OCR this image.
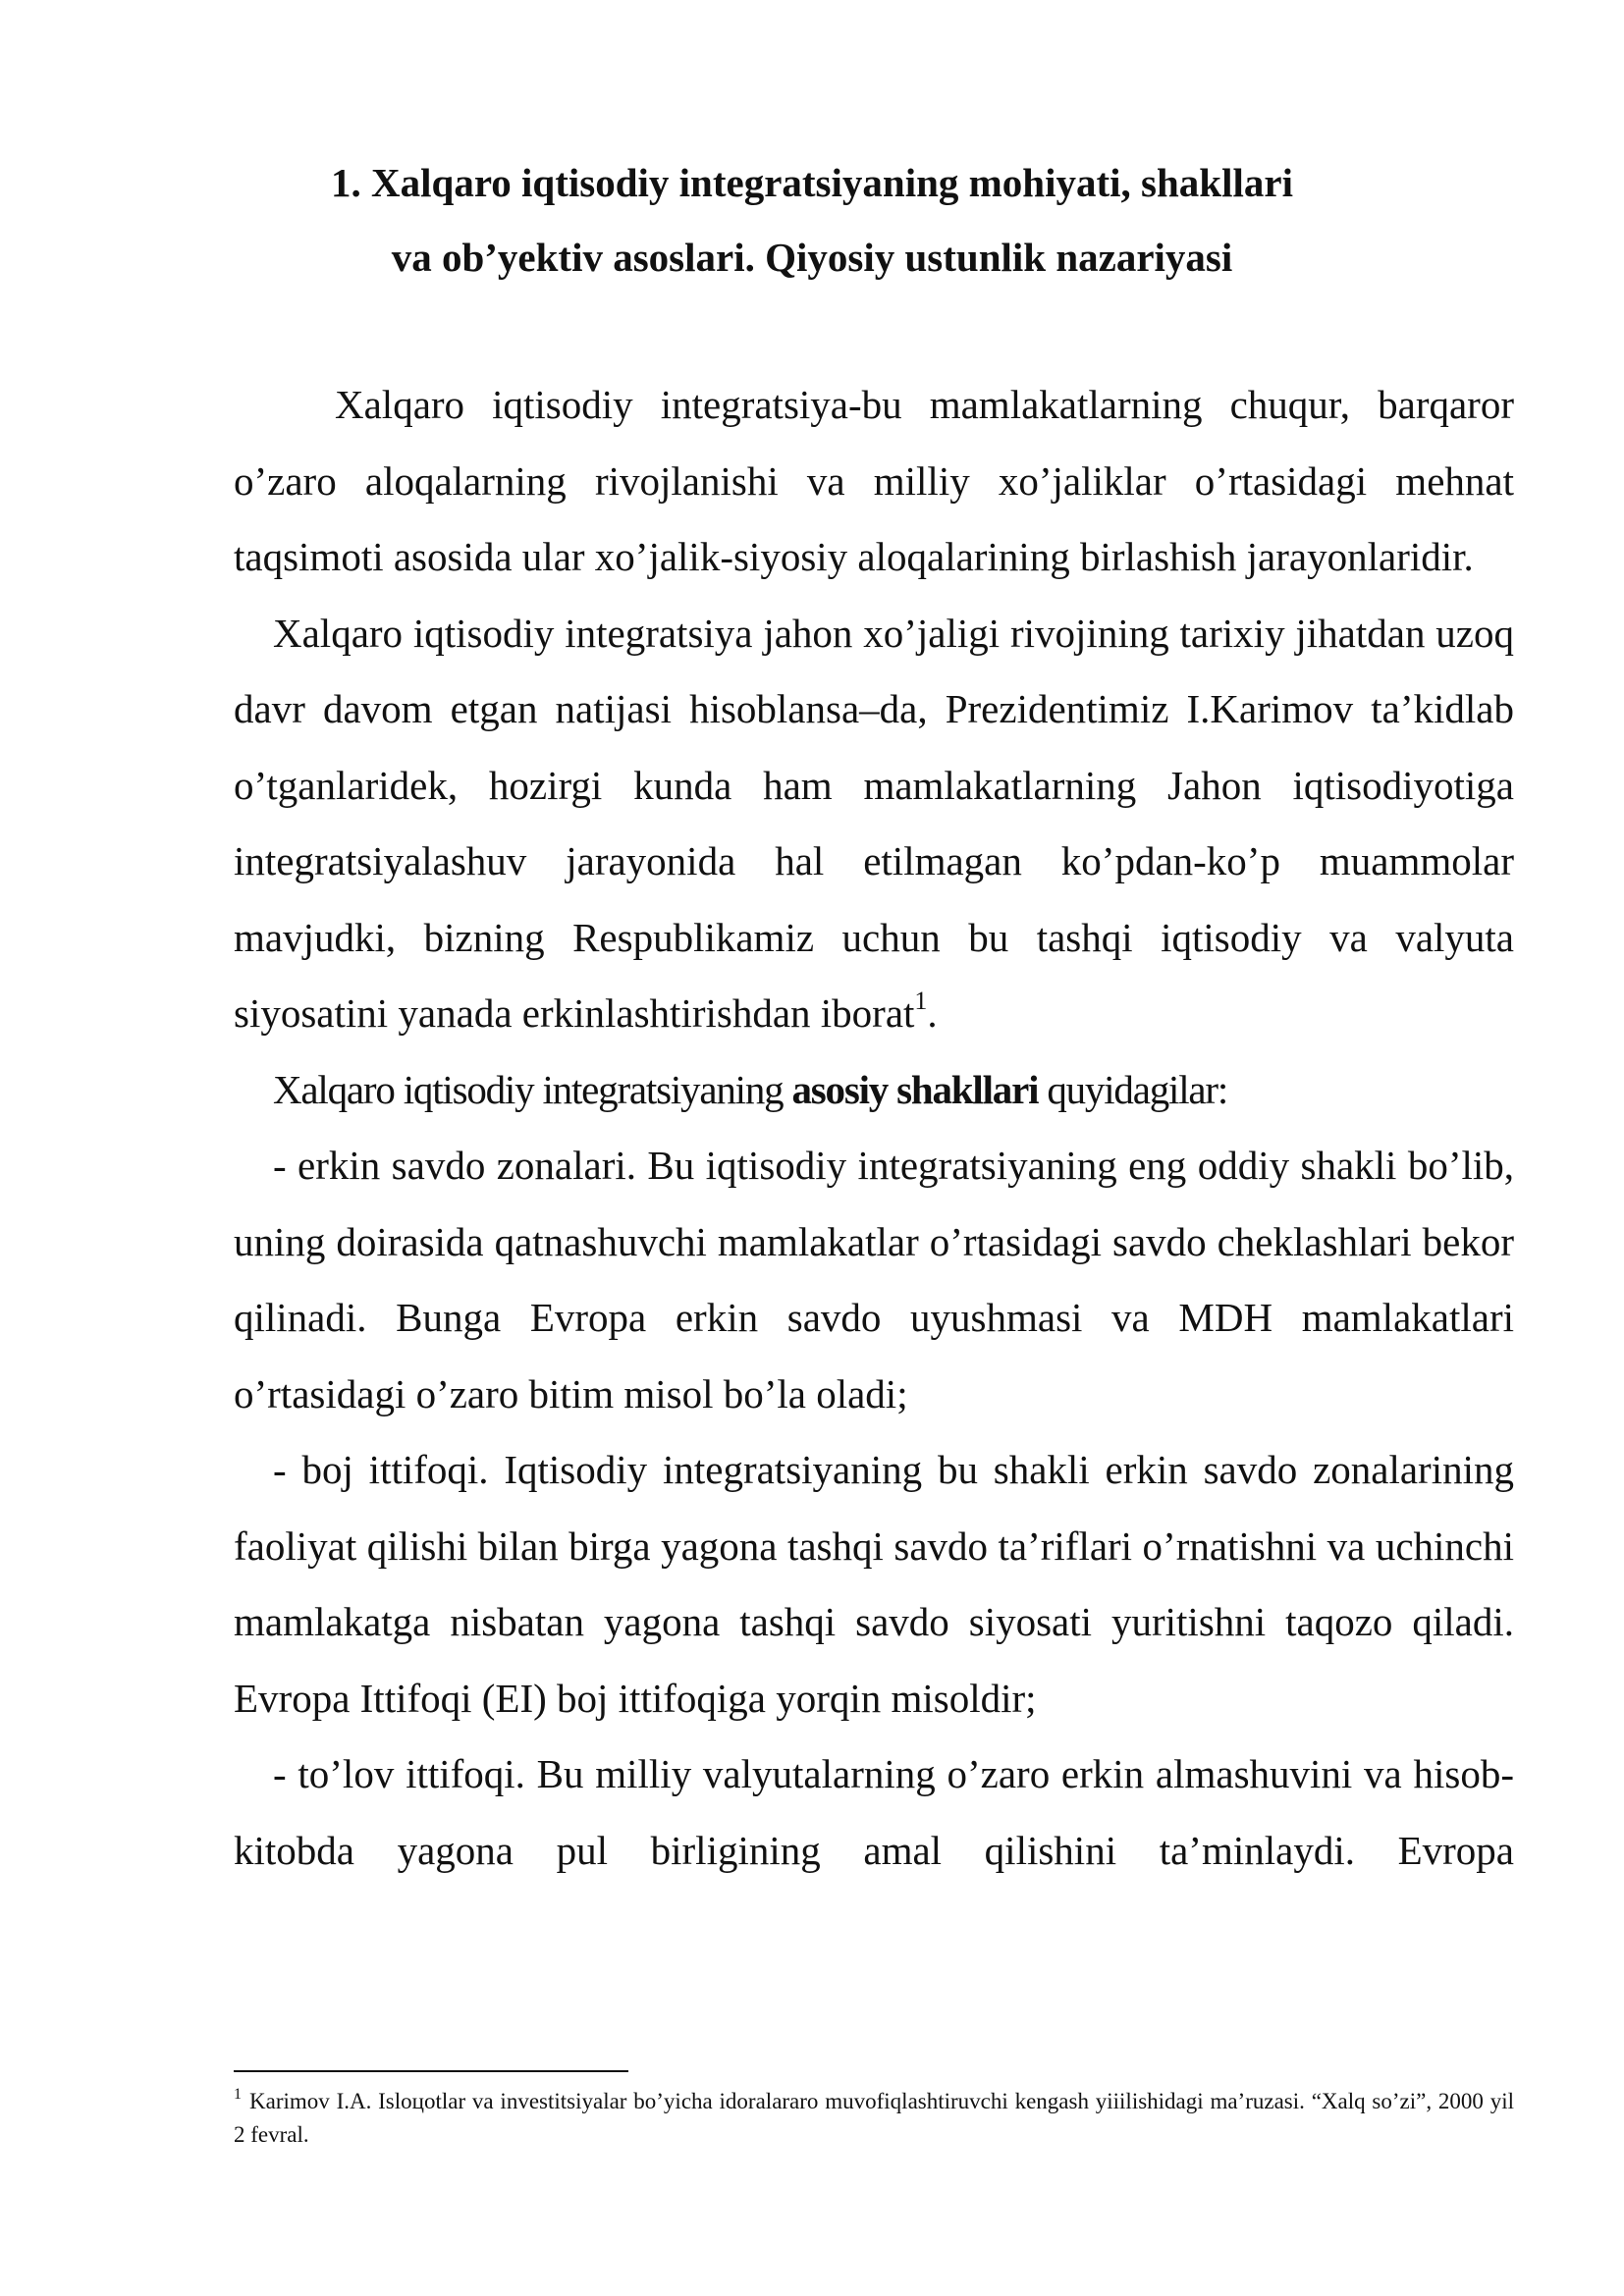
1. Xalqaro iqtisodiy integratsiyaning mohiyati, shakllari
va ob’yektiv asoslari. Qiyosiy ustunlik nazariyasi

Xalqaro iqtisodiy integratsiya-bu mamlakatlarning chuqur, barqaror o’zaro aloqalarning rivojlanishi va milliy xo’jaliklar o’rtasidagi mehnat taqsimoti asosida ular xo’jalik-siyosiy aloqalarining birlashish jarayonlaridir.

Xalqaro iqtisodiy integratsiya jahon xo’jaligi rivojining tarixiy jihatdan uzoq davr davom etgan natijasi hisoblansa–da, Prezidentimiz I.Karimov ta’kidlab o’tganlaridek, hozirgi kunda ham mamlakatlarning Jahon iqtisodiyotiga integratsiyalashuv jarayonida hal etilmagan ko’pdan-ko’p muammolar mavjudki, bizning Respublikamiz uchun bu tashqi iqtisodiy va valyuta siyosatini yanada erkinlashtirishdan iborat$^1$.

Xalqaro iqtisodiy integratsiyaning asosiy shakllari quyidagilar:

- erkin savdo zonalari. Bu iqtisodiy integratsiyaning eng oddiy shakli bo’lib, uning doirasida qatnashuvchi mamlakatlar o’rtasidagi savdo cheklashlari bekor qilinadi. Bunga Evropa erkin savdo uyushmasi va MDH mamlakatlari o’rtasidagi o’zaro bitim misol bo’la oladi;

- boj ittifoqi. Iqtisodiy integratsiyaning bu shakli erkin savdo zonalarining faoliyat qilishi bilan birga yagona tashqi savdo ta’riflari o’rnatishni va uchinchi mamlakatga nisbatan yagona tashqi savdo siyosati yuritishni taqozo qiladi. Evropa Ittifoqi (EI) boj ittifoqiga yorqin misoldir;

- to’lov ittifoqi. Bu milliy valyutalarning o’zaro erkin almashuvini va hisob-kitobda yagona pul birligining amal qilishini ta’minlaydi. Evropa

$^1$ Karimov I.A. Isloцotlar va investitsiyalar bo’yicha idoralararo muvofiqlashtiruvchi kengash yiiilishidagi ma’ruzasi. “Xalq so’zi”, 2000 yil 2 fevral.
